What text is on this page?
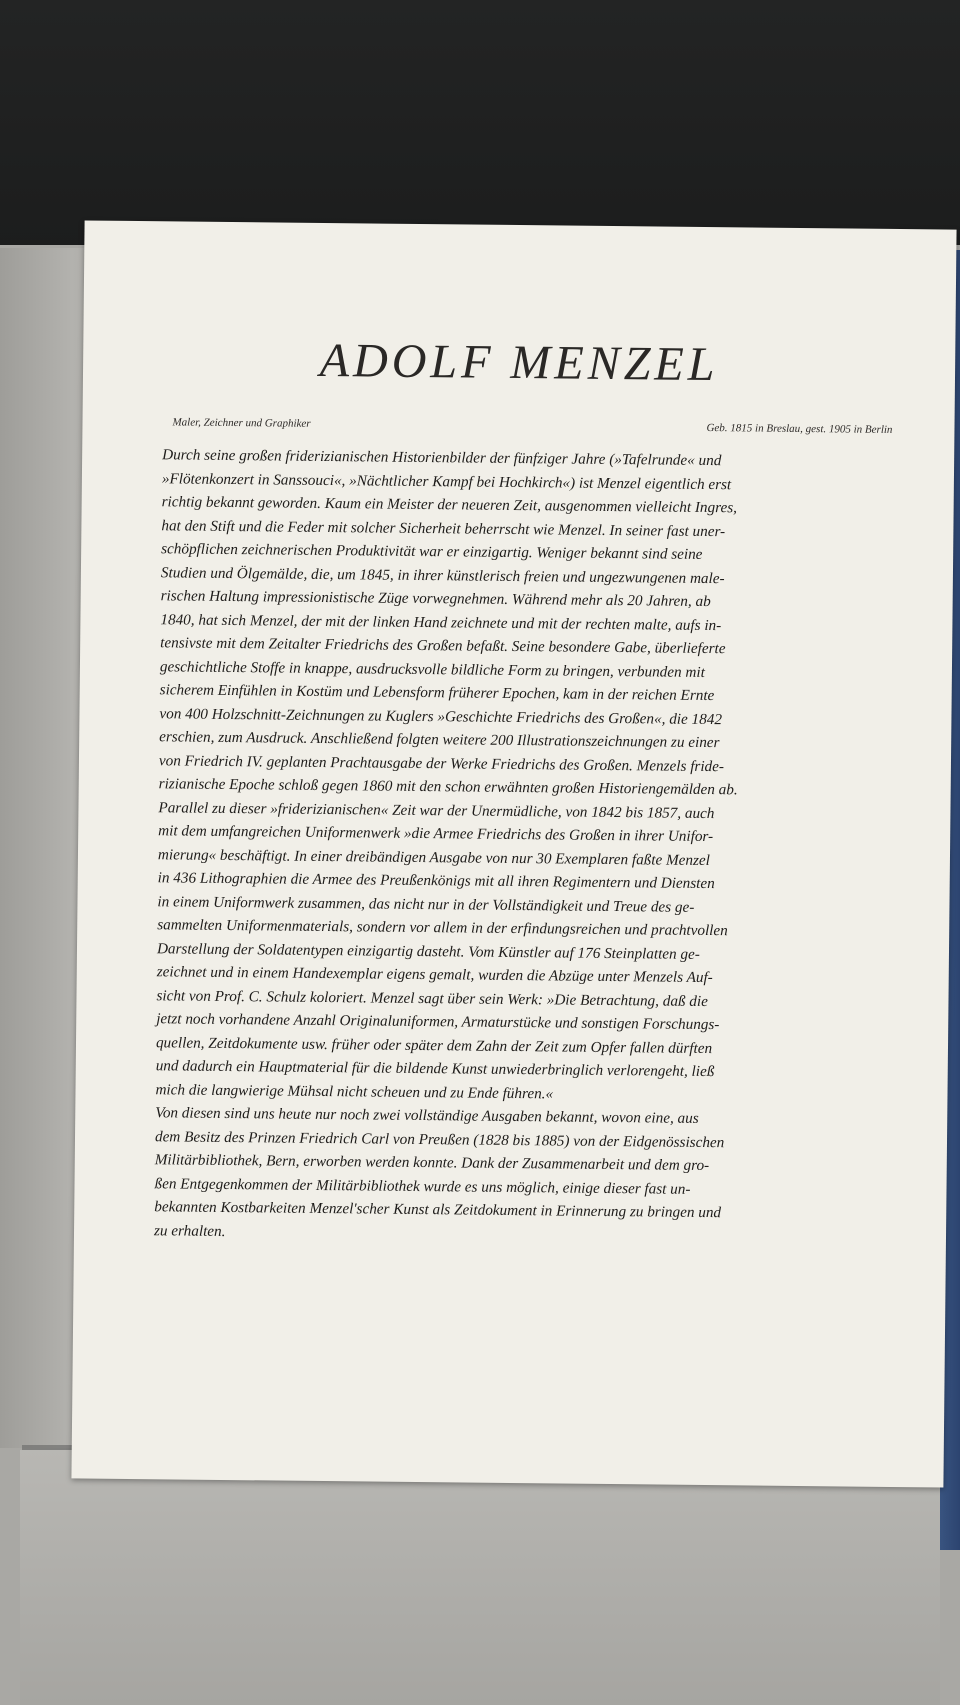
ADOLF MENZEL
Maler, Zeichner und Graphiker	Geb. 1815 in Breslau, gest. 1905 in Berlin

Durch seine großen friderizianischen Historienbilder der fünfziger Jahre (»Tafelrunde« und

»Flötenkonzert in Sanssouci«, »Nächtlicher Kampf bei Hochkirch«) ist Menzel eigentlich erst

richtig bekannt geworden. Kaum ein Meister der neueren Zeit, ausgenommen vielleicht Ingres,

hat den Stift und die Feder mit solcher Sicherheit beherrscht wie Menzel. In seiner fast uner-

schöpflichen zeichnerischen Produktivität war er einzigartig. Weniger bekannt sind seine

Studien und Ölgemälde, die, um 1845, in ihrer künstlerisch freien und ungezwungenen male-

rischen Haltung impressionistische Züge vorwegnehmen. Während mehr als 20 Jahren, ab

1840, hat sich Menzel, der mit der linken Hand zeichnete und mit der rechten malte, aufs in-

tensivste mit dem Zeitalter Friedrichs des Großen befaßt. Seine besondere Gabe, überlieferte

geschichtliche Stoffe in knappe, ausdrucksvolle bildliche Form zu bringen, verbunden mit

sicherem Einfühlen in Kostüm und Lebensform früherer Epochen, kam in der reichen Ernte

von 400 Holzschnitt-Zeichnungen zu Kuglers »Geschichte Friedrichs des Großen«, die 1842

erschien, zum Ausdruck. Anschließend folgten weitere 200 Illustrationszeichnungen zu einer

von Friedrich IV. geplanten Prachtausgabe der Werke Friedrichs des Großen. Menzels fride-

rizianische Epoche schloß gegen 1860 mit den schon erwähnten großen Historiengemälden ab.

Parallel zu dieser »friderizianischen« Zeit war der Unermüdliche, von 1842 bis 1857, auch

mit dem umfangreichen Uniformenwerk »die Armee Friedrichs des Großen in ihrer Unifor-

mierung« beschäftigt. In einer dreibändigen Ausgabe von nur 30 Exemplaren faßte Menzel

in 436 Lithographien die Armee des Preußenkönigs mit all ihren Regimentern und Diensten

in einem Uniformwerk zusammen, das nicht nur in der Vollständigkeit und Treue des ge-

sammelten Uniformenmaterials, sondern vor allem in der erfindungsreichen und prachtvollen

Darstellung der Soldatentypen einzigartig dasteht. Vom Künstler auf 176 Steinplatten ge-

zeichnet und in einem Handexemplar eigens gemalt, wurden die Abzüge unter Menzels Auf-

sicht von Prof. C. Schulz koloriert. Menzel sagt über sein Werk: »Die Betrachtung, daß die

jetzt noch vorhandene Anzahl Originaluniformen, Armaturstücke und sonstigen Forschungs-

quellen, Zeitdokumente usw. früher oder später dem Zahn der Zeit zum Opfer fallen dürften

und dadurch ein Hauptmaterial für die bildende Kunst unwiederbringlich verlorengeht, ließ

mich die langwierige Mühsal nicht scheuen und zu Ende führen.«

Von diesen sind uns heute nur noch zwei vollständige Ausgaben bekannt, wovon eine, aus

dem Besitz des Prinzen Friedrich Carl von Preußen (1828 bis 1885) von der Eidgenössischen

Militärbibliothek, Bern, erworben werden konnte. Dank der Zusammenarbeit und dem gro-

ßen Entgegenkommen der Militärbibliothek wurde es uns möglich, einige dieser fast un-

bekannten Kostbarkeiten Menzel'scher Kunst als Zeitdokument in Erinnerung zu bringen und

zu erhalten.
